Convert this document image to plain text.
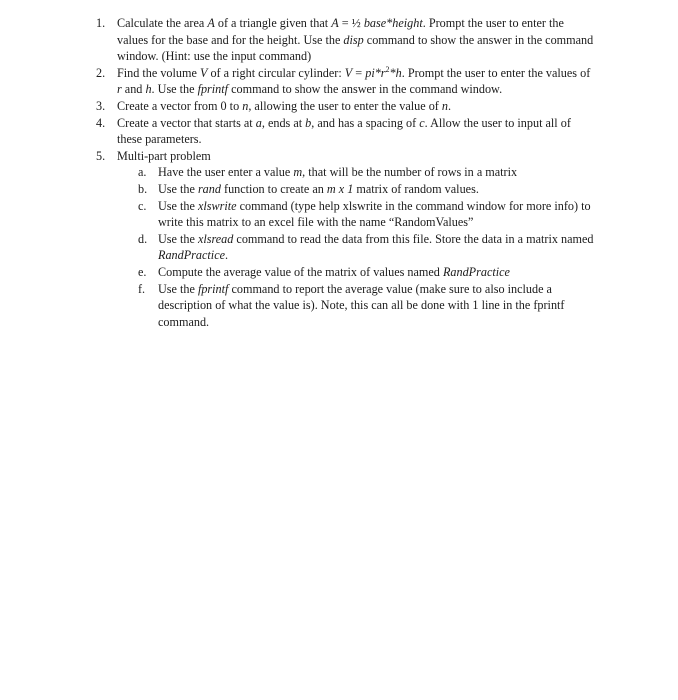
1. Calculate the area A of a triangle given that A = ½ base*height. Prompt the user to enter the values for the base and for the height. Use the disp command to show the answer in the command window. (Hint: use the input command)
2. Find the volume V of a right circular cylinder: $V = pi*r^2*h$. Prompt the user to enter the values of r and h. Use the fprintf command to show the answer in the command window.
3. Create a vector from 0 to n, allowing the user to enter the value of n.
4. Create a vector that starts at a, ends at b, and has a spacing of c. Allow the user to input all of these parameters.
5. Multi-part problem
a. Have the user enter a value m, that will be the number of rows in a matrix
b. Use the rand function to create an m x 1 matrix of random values.
c. Use the xlswrite command (type help xlswrite in the command window for more info) to write this matrix to an excel file with the name “RandomValues”
d. Use the xlsread command to read the data from this file. Store the data in a matrix named RandPractice.
e. Compute the average value of the matrix of values named RandPractice
f. Use the fprintf command to report the average value (make sure to also include a description of what the value is). Note, this can all be done with 1 line in the fprintf command.
